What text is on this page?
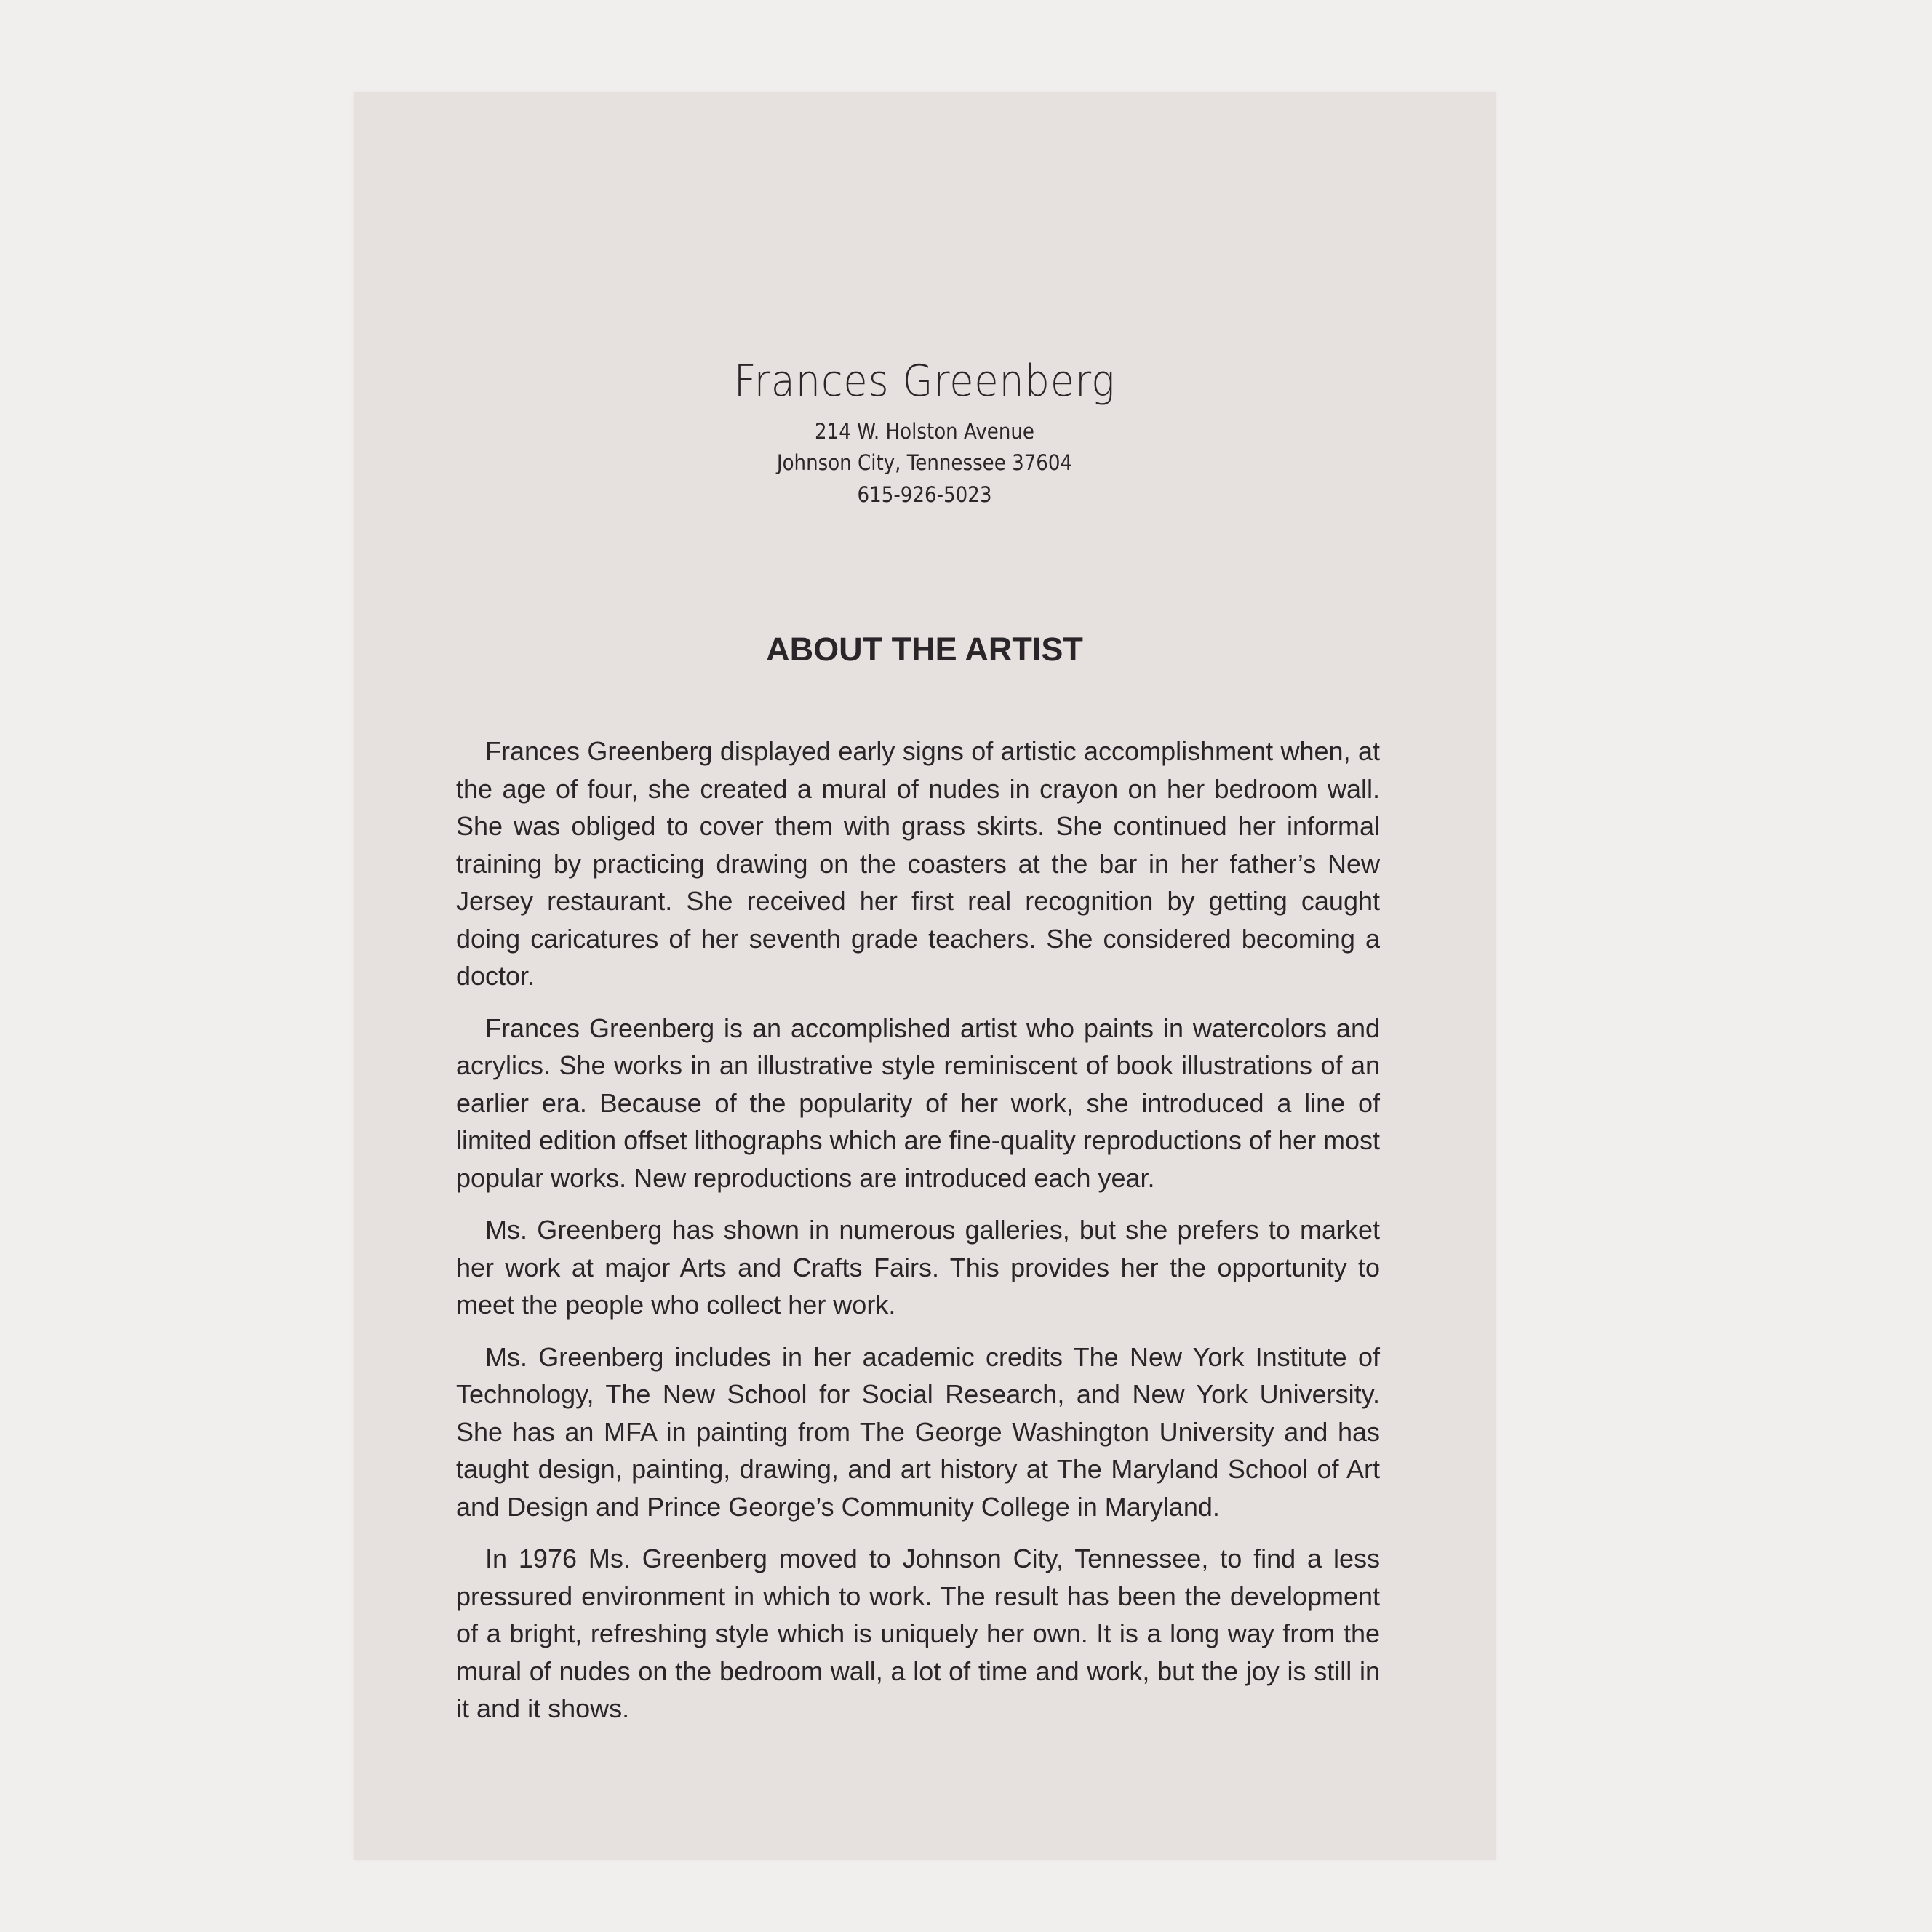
Frances Greenberg
214 W. Holston Avenue
Johnson City, Tennessee 37604
615-926-5023
ABOUT THE ARTIST

Frances Greenberg displayed early signs of artistic accomplishment when, at the age of four, she created a mural of nudes in crayon on her bedroom wall. She was obliged to cover them with grass skirts. She continued her informal training by practicing drawing on the coasters at the bar in her father’s New Jersey restaurant. She received her first real recognition by getting caught doing caricatures of her seventh grade teachers. She considered becoming a doctor.

Frances Greenberg is an accomplished artist who paints in watercolors and acrylics. She works in an illustrative style reminiscent of book illustrations of an earlier era. Because of the popularity of her work, she introduced a line of limited edition offset lithographs which are fine-quality reproductions of her most popular works. New reproductions are introduced each year.

Ms. Greenberg has shown in numerous galleries, but she prefers to market her work at major Arts and Crafts Fairs. This provides her the opportunity to meet the people who collect her work.

Ms. Greenberg includes in her academic credits The New York Institute of Technology, The New School for Social Research, and New York University. She has an MFA in painting from The George Washington University and has taught design, painting, drawing, and art history at The Maryland School of Art and Design and Prince George’s Community College in Maryland.

In 1976 Ms. Greenberg moved to Johnson City, Tennessee, to find a less pressured environment in which to work. The result has been the development of a bright, refreshing style which is uniquely her own. It is a long way from the mural of nudes on the bedroom wall, a lot of time and work, but the joy is still in it and it shows.
